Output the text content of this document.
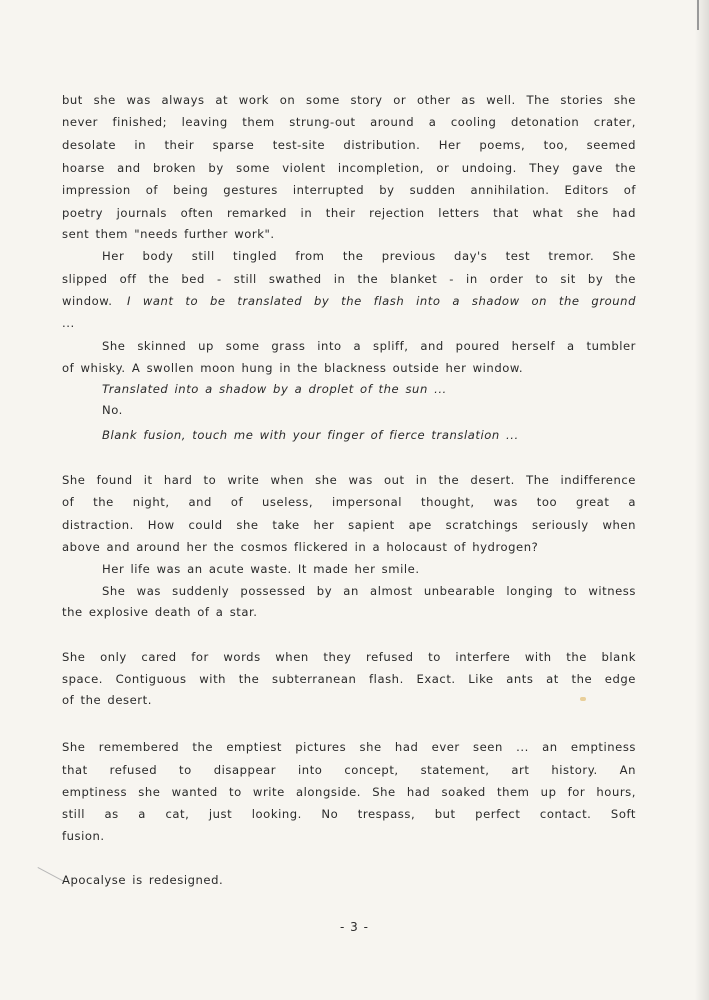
but she was always at work on some story or other as well. The stories she
never finished; leaving them strung-out around a cooling detonation crater,
desolate in their sparse test-site distribution. Her poems, too, seemed
hoarse and broken by some violent incompletion, or undoing. They gave the
impression of being gestures interrupted by sudden annihilation. Editors of
poetry journals often remarked in their rejection letters that what she had
sent them "needs further work".
Her body still tingled from the previous day's test tremor. She
slipped off the bed - still swathed in the blanket - in order to sit by the
window. I want to be translated by the flash into a shadow on the ground
...
She skinned up some grass into a spliff, and poured herself a tumbler
of whisky. A swollen moon hung in the blackness outside her window.
Translated into a shadow by a droplet of the sun ...
No.
Blank fusion, touch me with your finger of fierce translation ...
She found it hard to write when she was out in the desert. The indifference
of the night, and of useless, impersonal thought, was too great a
distraction. How could she take her sapient ape scratchings seriously when
above and around her the cosmos flickered in a holocaust of hydrogen?
Her life was an acute waste. It made her smile.
She was suddenly possessed by an almost unbearable longing to witness
the explosive death of a star.
She only cared for words when they refused to interfere with the blank
space. Contiguous with the subterranean flash. Exact. Like ants at the edge
of the desert.
She remembered the emptiest pictures she had ever seen ... an emptiness
that refused to disappear into concept, statement, art history. An
emptiness she wanted to write alongside. She had soaked them up for hours,
still as a cat, just looking. No trespass, but perfect contact. Soft
fusion.
Apocalyse is redesigned.
- 3 -
